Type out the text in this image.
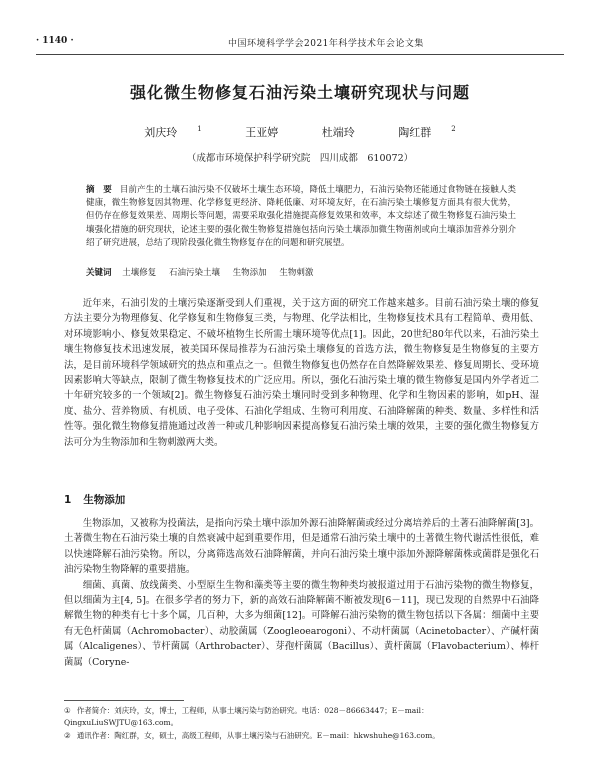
· 1140 ·	中国环境科学学会2021年科学技术年会论文集
强化微生物修复石油污染土壤研究现状与问题
刘庆玲	$^1$	王亚婷	杜端玲	陶红群	$^2$
（成都市环境保护科学研究院　四川成都　610072）

摘　要 目前产生的土壤石油污染不仅破坏土壤生态环境，降低土壤肥力，石油污染物还能通过食物链在接触人类健康，微生物修复因其物理、化学修复更经济、降耗低廉、对环境友好，在石油污染土壤修复方面具有很大优势，但仍存在修复效果差、周期长等问题，需要采取强化措施提高修复效果和效率，本文综述了微生物修复石油污染土壤强化措施的研究现状，论述主要的强化微生物修复措施包括向污染土壤添加微生物菌剂或向土壤添加营养分别介绍了研究进展，总结了现阶段强化微生物修复存在的问题和研究展望。

关键词 土壤修复 石油污染土壤 生物添加 生物刺激

近年来，石油引发的土壤污染逐渐受到人们重视，关于这方面的研究工作越来越多。目前石油污染土壤的修复方法主要分为物理修复、化学修复和生物修复三类，与物理、化学法相比，生物修复技术具有工程简单、费用低、对环境影响小、修复效果稳定、不破坏植物生长所需土壤环境等优点[1]。因此，20世纪80年代以来，石油污染土壤生物修复技术迅速发展，被美国环保局推荐为石油污染土壤修复的首选方法，微生物修复是生物修复的主要方法，是目前环境科学领域研究的热点和重点之一。但微生物修复也仍然存在自然降解效果差、修复周期长、受环境因素影响大等缺点，限制了微生物修复技术的广泛应用。所以，强化石油污染土壤的微生物修复是国内外学者近二十年研究较多的一个领域[2]。微生物修复石油污染土壤同时受到多种物理、化学和生物因素的影响，如pH、湿度、盐分、营养物质、有机质、电子受体、石油化学组成、生物可利用度、石油降解菌的种类、数量、多样性和活性等。强化微生物修复措施通过改善一种或几种影响因素提高修复石油污染土壤的效果，主要的强化微生物修复方法可分为生物添加和生物刺激两大类。

1 生物添加

生物添加，又被称为投菌法，是指向污染土壤中添加外源石油降解菌或经过分离培养后的土著石油降解菌[3]。土著微生物在石油污染土壤的自然衰减中起到重要作用，但是通常石油污染土壤中的土著微生物代谢活性很低，难以快速降解石油污染物。所以，分离筛选高效石油降解菌，并向石油污染土壤中添加外源降解菌株或菌群是强化石油污染物生物降解的重要措施。

细菌、真菌、放线菌类、小型原生生物和藻类等主要的微生物种类均被报道过用于石油污染物的微生物修复，但以细菌为主[4, 5]。在很多学者的努力下，新的高效石油降解菌不断被发现[6－11]，现已发现的自然界中石油降解微生物的种类有七十多个属，几百种，大多为细菌[12]。可降解石油污染物的微生物包括以下各属：细菌中主要有无色杆菌属（Achromobacter）、动胶菌属（Zoogleoearogoni）、不动杆菌属（Acinetobacter）、产碱杆菌属（Alcaligenes）、节杆菌属（Arthrobacter）、芽孢杆菌属（Bacillus）、黄杆菌属（Flavobacterium）、棒杆菌属（Coryne-

① 作者简介：刘庆玲，女，博士，工程师，从事土壤污染与防治研究。电话：028－86663447；E－mail：QingxuLiuSWJTU@163.com。

② 通讯作者：陶红群，女，硕士，高级工程师，从事土壤污染与石油研究。E－mail：hkwshuhe@163.com。
